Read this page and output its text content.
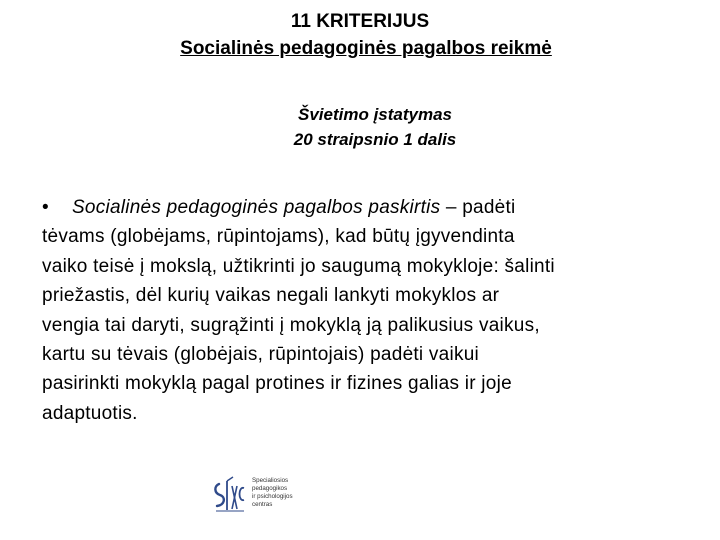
11 KRITERIJUS
Socialinės pedagoginės pagalbos reikmė
Švietimo įstatymas
20 straipsnio 1 dalis

• Socialinės pedagoginės pagalbos paskirtis – padėti
tėvams (globėjams, rūpintojams), kad būtų įgyvendinta
vaiko teisė į mokslą, užtikrinti jo saugumą mokykloje: šalinti
priežastis, dėl kurių vaikas negali lankyti mokyklos ar
vengia tai daryti, sugrąžinti į mokyklą ją palikusius vaikus,
kartu su tėvais (globėjais, rūpintojais) padėti vaikui
pasirinkti mokyklą pagal protines ir fizines galias ir joje
adaptuotis.

Specialiosios
pedagogikos
ir psichologijos
centras
